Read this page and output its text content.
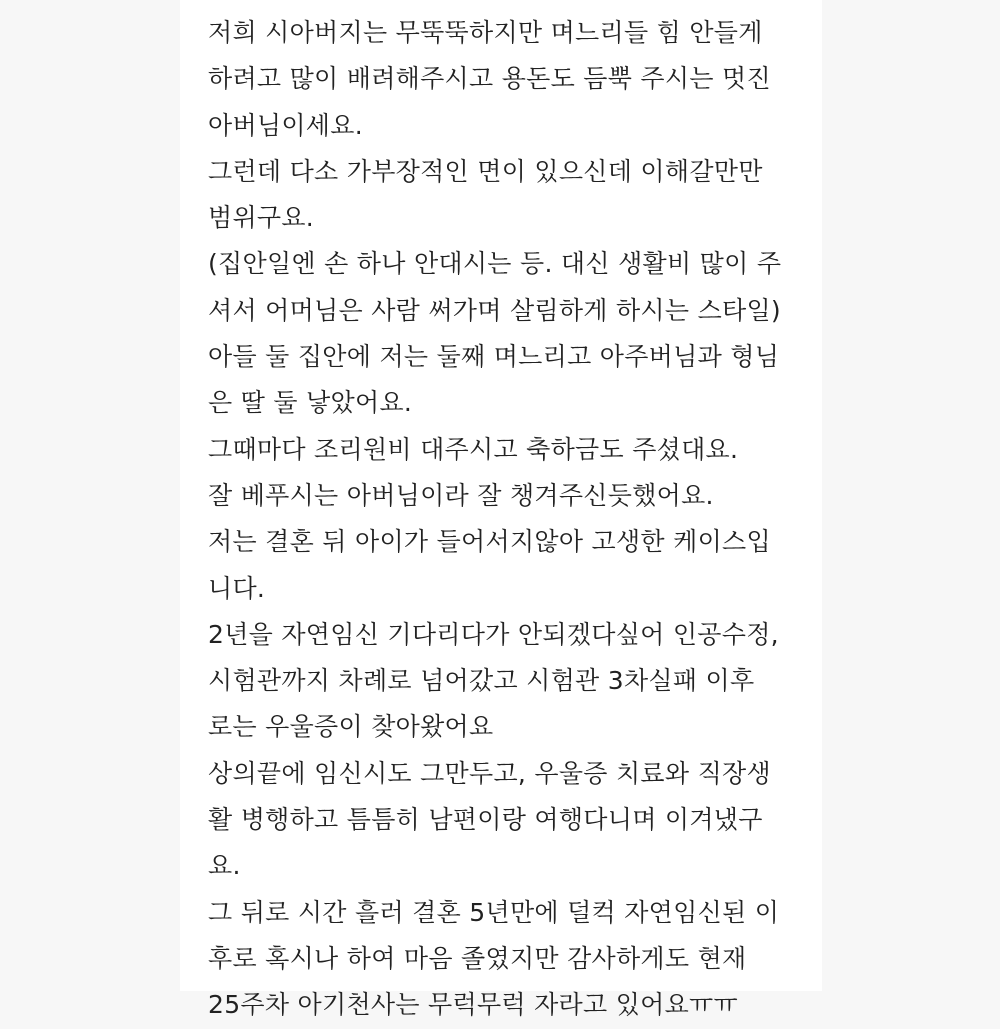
저희 시아버지는 무뚝뚝하지만 며느리들 힘 안들게
하려고 많이 배려해주시고 용돈도 듬뿍 주시는 멋진
아버님이세요.
그런데 다소 가부장적인 면이 있으신데 이해갈만만
범위구요.
(집안일엔 손 하나 안대시는 등. 대신 생활비 많이 주
셔서 어머님은 사람 써가며 살림하게 하시는 스타일)
아들 둘 집안에 저는 둘째 며느리고 아주버님과 형님
은 딸 둘 낳았어요.
그때마다 조리원비 대주시고 축하금도 주셨대요.
잘 베푸시는 아버님이라 잘 챙겨주신듯했어요.
저는 결혼 뒤 아이가 들어서지않아 고생한 케이스입
니다.
2년을 자연임신 기다리다가 안되겠다싶어 인공수정,
시험관까지 차례로 넘어갔고 시험관 3차실패 이후
로는 우울증이 찾아왔어요
상의끝에 임신시도 그만두고, 우울증 치료와 직장생
활 병행하고 틈틈히 남편이랑 여행다니며 이겨냈구
요.
그 뒤로 시간 흘러 결혼 5년만에 덜컥 자연임신된 이
후로 혹시나 하여 마음 졸였지만 감사하게도 현재
25주차 아기천사는 무럭무럭 자라고 있어요ㅠㅠ
